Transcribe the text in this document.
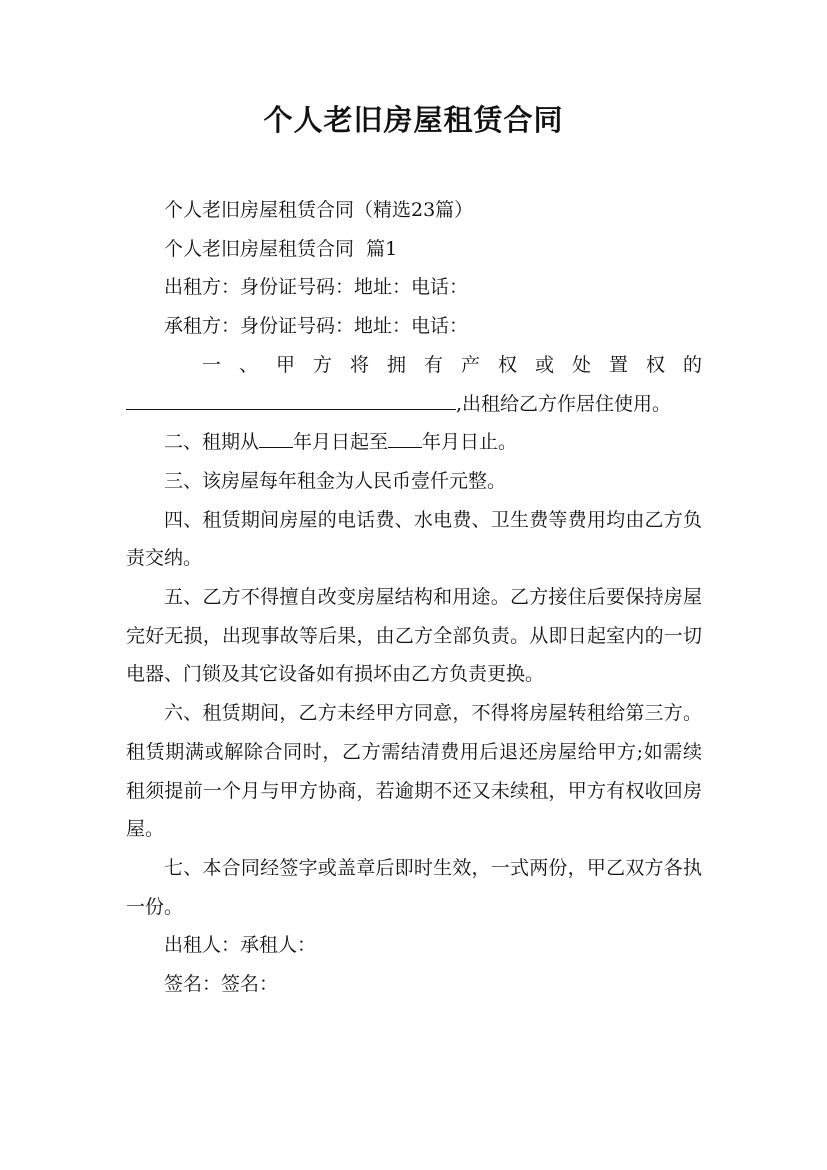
个人老旧房屋租赁合同

个人老旧房屋租赁合同（精选23篇）

个人老旧房屋租赁合同  篇1

出租方：身份证号码：地址：电话：

承租方：身份证号码：地址：电话：

一、甲方将拥有产权或处置权的

,出租给乙方作居住使用。

二、租期从 年月日起至 年月日止。

三、该房屋每年租金为人民币壹仟元整。

四、租赁期间房屋的电话费、水电费、卫生费等费用均由乙方负责交纳。

五、乙方不得擅自改变房屋结构和用途。乙方接住后要保持房屋完好无损，出现事故等后果，由乙方全部负责。从即日起室内的一切电器、门锁及其它设备如有损坏由乙方负责更换。

六、租赁期间，乙方未经甲方同意，不得将房屋转租给第三方。租赁期满或解除合同时，乙方需结清费用后退还房屋给甲方;如需续租须提前一个月与甲方协商，若逾期不还又未续租，甲方有权收回房屋。

七、本合同经签字或盖章后即时生效，一式两份，甲乙双方各执一份。

出租人：承租人：

签名：签名：
